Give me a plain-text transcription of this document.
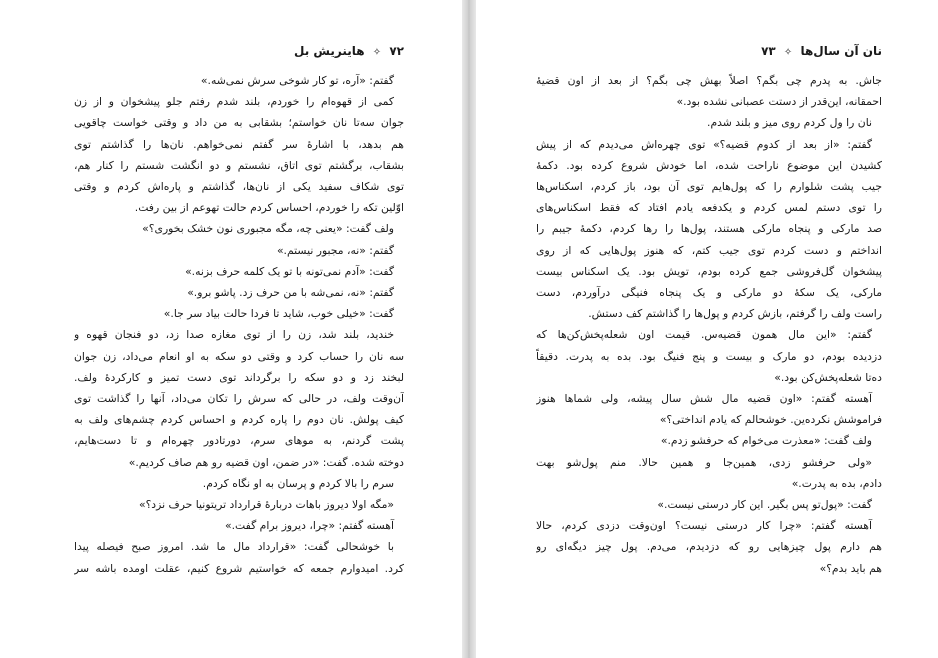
۷۲ ✧ هاینریش بل
گفتم: «آره، تو کار شوخی سرش نمی‌شه.»
کمی از قهوه‌ام را خوردم، بلند شدم رفتم جلو پیشخوان و از زن
جوان سه‌تا نان خواستم؛ بشقابی به من داد و وقتی خواست چاقویی
هم بدهد، با اشارهٔ سر گفتم نمی‌خواهم. نان‌ها را گذاشتم توی
بشقاب، برگشتم توی اتاق، نشستم و دو انگشت شستم را کنار هم،
توی شکاف سفید یکی از نان‌ها، گذاشتم و پاره‌اش کردم و وقتی
اوّلین تکه را خوردم، احساس کردم حالت تهوعم از بین رفت.
ولف گفت: «یعنی چه، مگه مجبوری نون خشک بخوری؟»
گفتم: «نه، مجبور نیستم.»
گفت: «آدم نمی‌تونه با تو یک کلمه حرف بزنه.»
گفتم: «نه، نمی‌شه با من حرف زد. پاشو برو.»
گفت: «خیلی خوب، شاید تا فردا حالت بیاد سر جا.»
خندید، بلند شد، زن را از توی مغازه صدا زد، دو فنجان قهوه و
سه نان را حساب کرد و وقتی دو سکه به او انعام می‌داد، زن جوان
لبخند زد و دو سکه را برگرداند توی دست تمیز و کارکردهٔ ولف.
آن‌وقت ولف، در حالی که سرش را تکان می‌داد، آنها را گذاشت توی
کیف پولش. نان دوم را پاره کردم و احساس کردم چشم‌های ولف به
پشت گردنم، به موهای سرم، دورتادور چهره‌ام و تا دست‌هایم،
دوخته شده. گفت: «در ضمن، اون قضیه رو هم صاف کردیم.»
سرم را بالا کردم و پرسان به او نگاه کردم.
«مگه اولا دیروز باهات دربارهٔ قرارداد تریتونیا حرف نزد؟»
آهسته گفتم: «چرا، دیروز برام گفت.»
با خوشحالی گفت: «قرارداد مال ما شد. امروز صبح فیصله پیدا
کرد. امیدوارم جمعه که خواستیم شروع کنیم، عقلت اومده باشه سر
نان آن سال‌ها ✧ ۷۳
جاش. به پدرم چی بگم؟ اصلاً بهش چی بگم؟ از بعد از اون قضیهٔ
احمقانه، این‌قدر از دستت عصبانی نشده بود.»
نان را ول کردم روی میز و بلند شدم.
گفتم: «از بعد از کدوم قضیه؟» توی چهره‌اش می‌دیدم که از پیش
کشیدن این موضوع ناراحت شده، اما خودش شروع کرده بود. دکمهٔ
جیب پشت شلوارم را که پول‌هایم توی آن بود، باز کردم، اسکناس‌ها
را توی دستم لمس کردم و یکدفعه یادم افتاد که فقط اسکناس‌های
صد مارکی و پنجاه مارکی هستند، پول‌ها را رها کردم، دکمهٔ جیبم را
انداختم و دست کردم توی جیب کتم، که هنوز پول‌هایی که از روی
پیشخوان گل‌فروشی جمع کرده بودم، تویش بود. یک اسکناس بیست
مارکی، یک سکهٔ دو مارکی و یک پنجاه فنیگی درآوردم، دست
راست ولف را گرفتم، بازش کردم و پول‌ها را گذاشتم کف دستش.
گفتم: «این مال همون قضیه‌س. قیمت اون شعله‌پخش‌کن‌ها که
دزدیده بودم، دو مارک و بیست و پنج فنیگ بود. بده به پدرت. دقیقاً
ده‌تا شعله‌پخش‌کن بود.»
آهسته گفتم: «اون قضیه مال شش سال پیشه، ولی شماها هنوز
فراموشش نکرده‌ین. خوشحالم که یادم انداختی؟»
ولف گفت: «معذرت می‌خوام که حرفشو زدم.»
«ولی حرفشو زدی، همین‌جا و همین حالا. منم پول‌شو بهت
دادم، بده به پدرت.»
گفت: «پول‌تو پس بگیر. این کار درستی نیست.»
آهسته گفتم: «چرا کار درستی نیست؟ اون‌وقت دزدی کردم، حالا
هم دارم پول چیزهایی رو که دزدیدم، می‌دم. پول چیز دیگه‌ای رو
هم باید بدم؟»
